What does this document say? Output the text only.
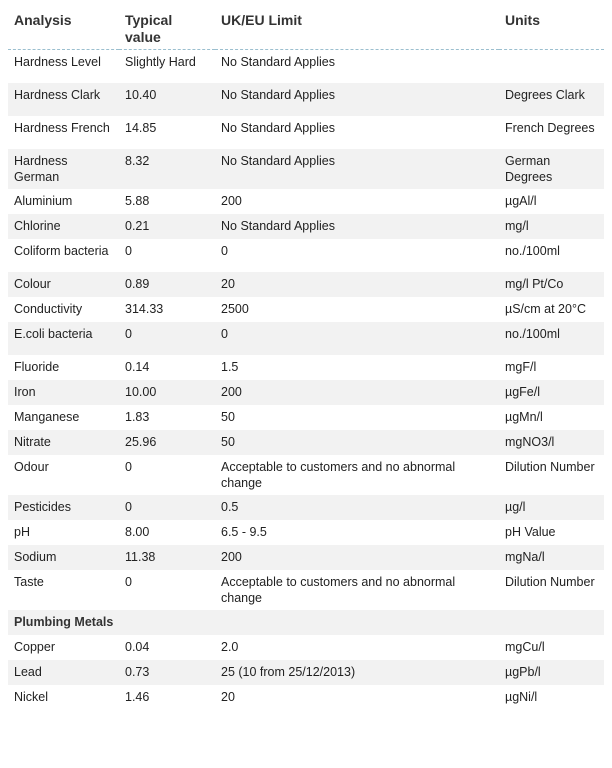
Analysis	Typical value	UK/EU Limit	Units
Hardness Level	Slightly Hard	No Standard Applies	
Hardness Clark	10.40	No Standard Applies	Degrees Clark
Hardness French	14.85	No Standard Applies	French Degrees
Hardness German	8.32	No Standard Applies	German Degrees
Aluminium	5.88	200	µgAl/l
Chlorine	0.21	No Standard Applies	mg/l
Coliform bacteria	0	0	no./100ml
Colour	0.89	20	mg/l Pt/Co
Conductivity	314.33	2500	µS/cm at 20°C
E.coli bacteria	0	0	no./100ml
Fluoride	0.14	1.5	mgF/l
Iron	10.00	200	µgFe/l
Manganese	1.83	50	µgMn/l
Nitrate	25.96	50	mgNO3/l
Odour	0	Acceptable to customers and no abnormal change	Dilution Number
Pesticides	0	0.5	µg/l
pH	8.00	6.5 - 9.5	pH Value
Sodium	11.38	200	mgNa/l
Taste	0	Acceptable to customers and no abnormal change	Dilution Number
Plumbing Metals			
Copper	0.04	2.0	mgCu/l
Lead	0.73	25 (10 from 25/12/2013)	µgPb/l
Nickel	1.46	20	µgNi/l
